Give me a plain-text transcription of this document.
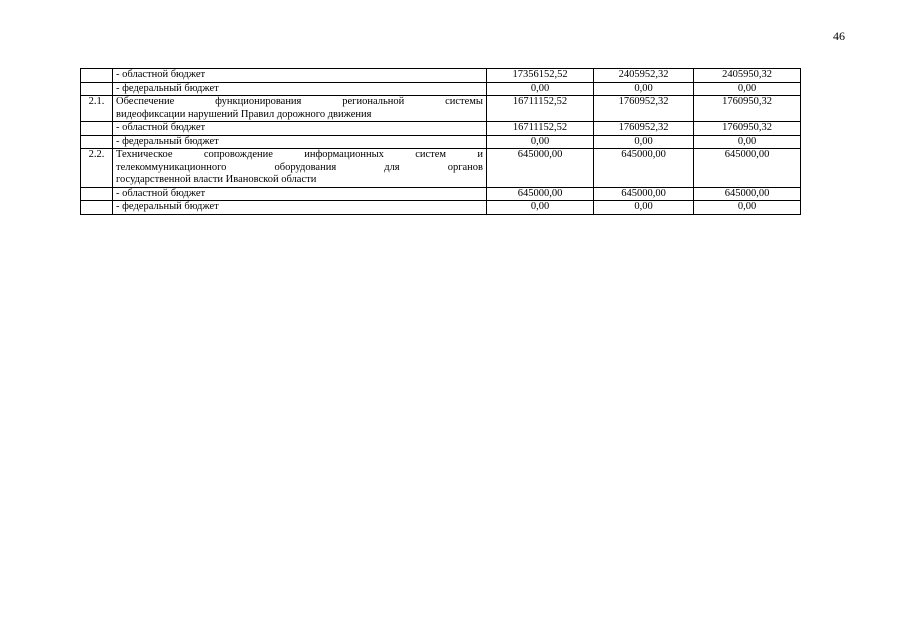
46

	- областной бюджет	17356152,52	2405952,32	2405950,32

	- федеральный бюджет	0,00	0,00	0,00
2.1.	Обеспечение функционирования региональной системы
видеофиксации нарушений Правил дорожного движения	16711152,52	1760952,32	1760950,32

	- областной бюджет	16711152,52	1760952,32	1760950,32

	- федеральный бюджет	0,00	0,00	0,00
2.2.	Техническое сопровождение информационных систем и
телекоммуникационного оборудования для органов
государственной власти Ивановской области	645000,00	645000,00	645000,00

	- областной бюджет	645000,00	645000,00	645000,00

	- федеральный бюджет	0,00	0,00	0,00
